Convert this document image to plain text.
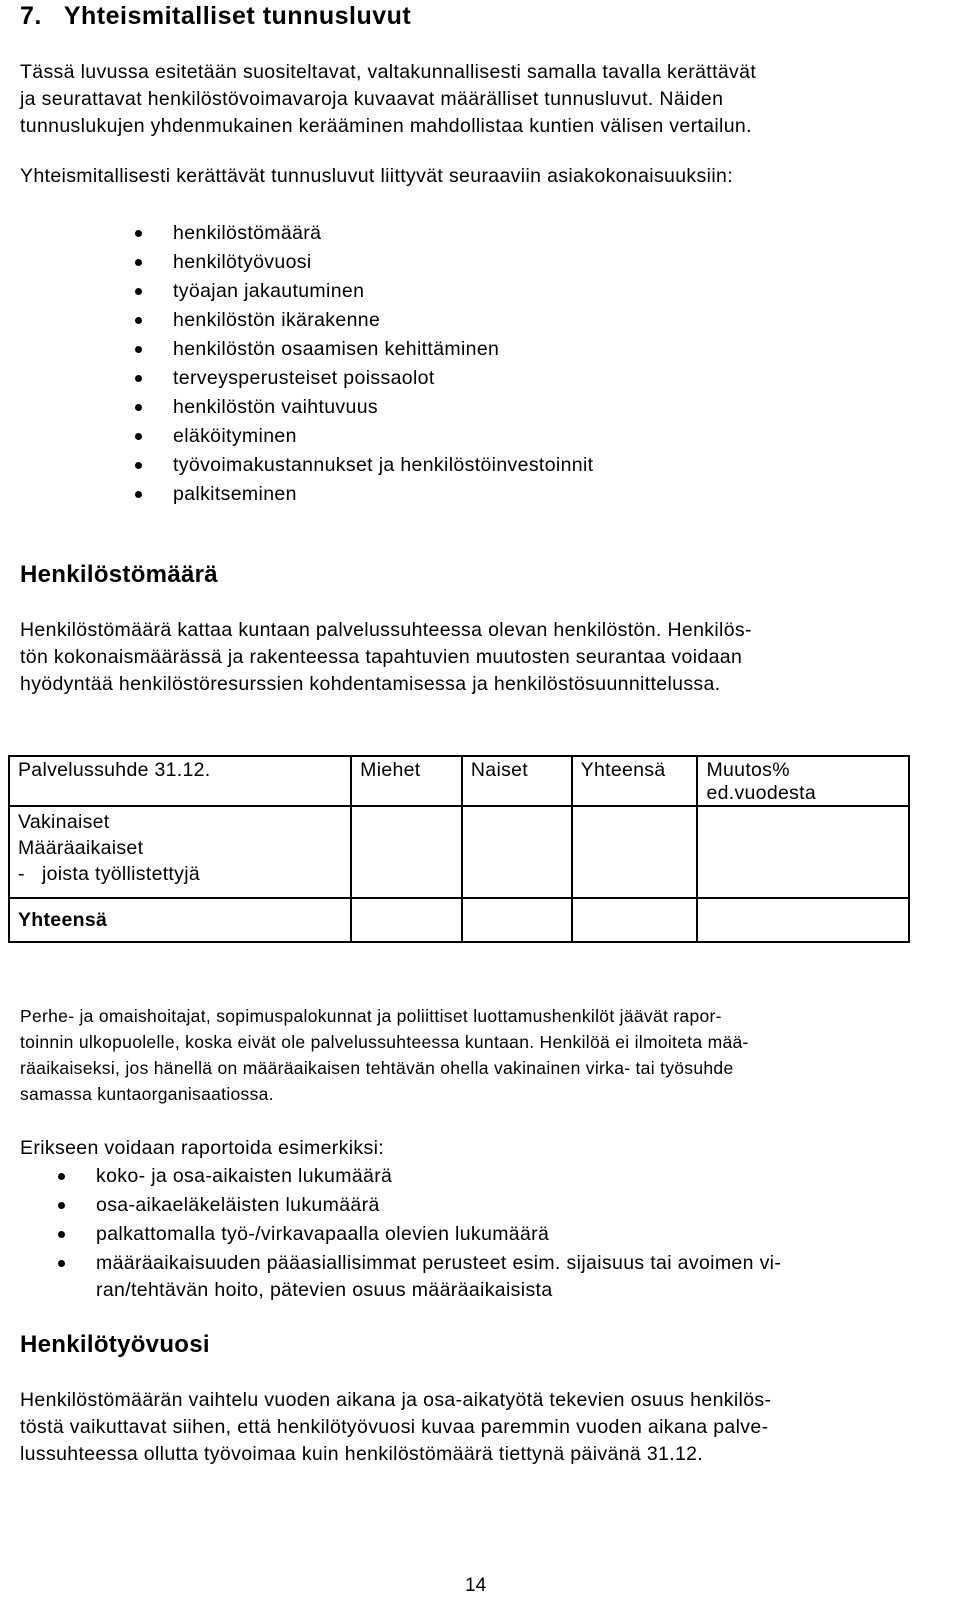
7. Yhteismitalliset tunnusluvut
Tässä luvussa esitetään suositeltavat, valtakunnallisesti samalla tavalla kerättävät
ja seurattavat henkilöstövoimavaroja kuvaavat määrälliset tunnusluvut. Näiden
tunnuslukujen yhdenmukainen kerääminen mahdollistaa kuntien välisen vertailun.
Yhteismitallisesti kerättävät tunnusluvut liittyvät seuraaviin asiakokonaisuuksiin:
henkilöstömäärä
henkilötyövuosi
työajan jakautuminen
henkilöstön ikärakenne
henkilöstön osaamisen kehittäminen
terveysperusteiset poissaolot
henkilöstön vaihtuvuus
eläköityminen
työvoimakustannukset ja henkilöstöinvestoinnit
palkitseminen
Henkilöstömäärä
Henkilöstömäärä kattaa kuntaan palvelussuhteessa olevan henkilöstön. Henkilös-
tön kokonaismäärässä ja rakenteessa tapahtuvien muutosten seurantaa voidaan
hyödyntää henkilöstöresurssien kohdentamisessa ja henkilöstösuunnittelussa.
Palvelussuhde 31.12.	Miehet	Naiset	Yhteensä	Muutos%
ed.vuodesta

Vakinaiset
Määräaikaiset
-   joista työllistettyjä				

Yhteensä				
Perhe- ja omaishoitajat, sopimuspalokunnat ja poliittiset luottamushenkilöt jäävät rapor-
toinnin ulkopuolelle, koska eivät ole palvelussuhteessa kuntaan. Henkilöä ei ilmoiteta mää-
räaikaiseksi, jos hänellä on määräaikaisen tehtävän ohella vakinainen virka- tai työsuhde
samassa kuntaorganisaatiossa.
Erikseen voidaan raportoida esimerkiksi:
koko- ja osa-aikaisten lukumäärä
osa-aikaeläkeläisten lukumäärä
palkattomalla työ-/virkavapaalla olevien lukumäärä
määräaikaisuuden pääasiallisimmat perusteet esim. sijaisuus tai avoimen vi-
ran/tehtävän hoito, pätevien osuus määräaikaisista
Henkilötyövuosi
Henkilöstömäärän vaihtelu vuoden aikana ja osa-aikatyötä tekevien osuus henkilös-
töstä vaikuttavat siihen, että henkilötyövuosi kuvaa paremmin vuoden aikana palve-
lussuhteessa ollutta työvoimaa kuin henkilöstömäärä tiettynä päivänä 31.12.
14
